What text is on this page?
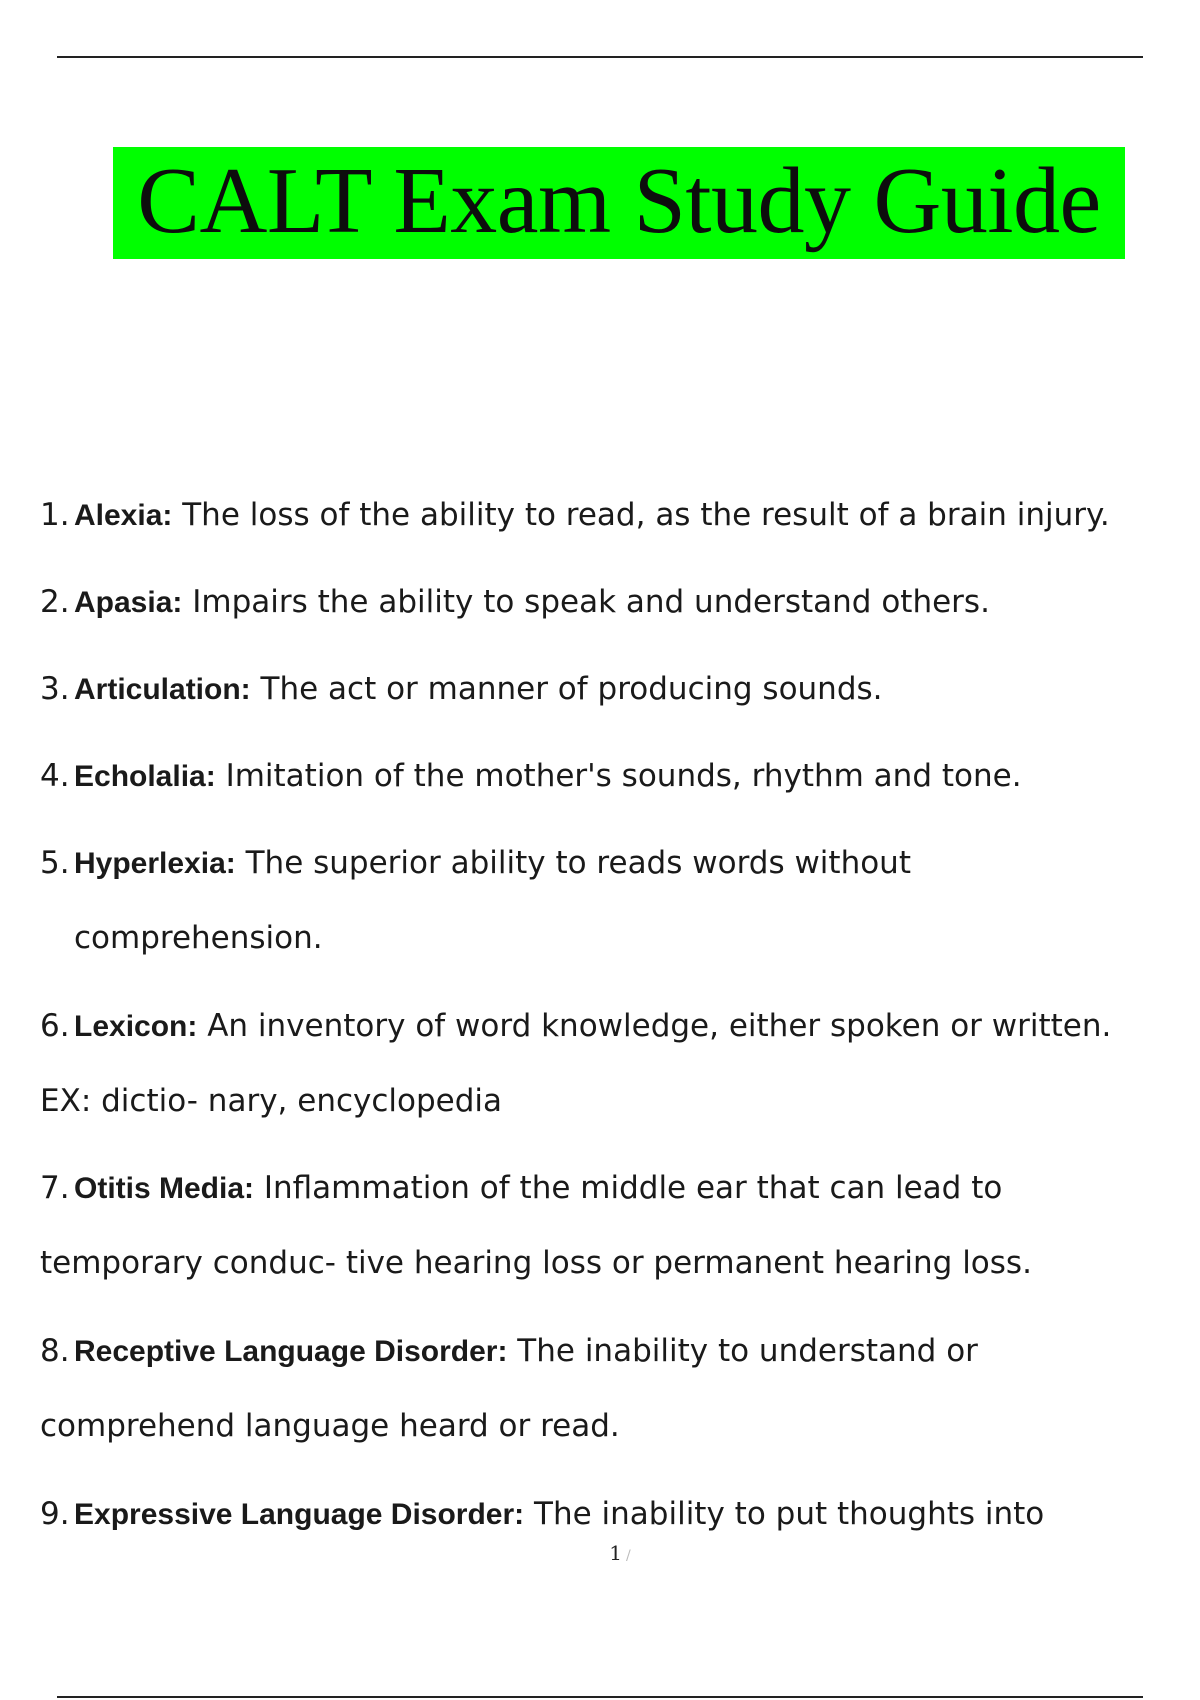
CALT Exam Study Guide
1. Alexia: The loss of the ability to read, as the result of a brain injury.
2. Apasia: Impairs the ability to speak and understand others.
3. Articulation: The act or manner of producing sounds.
4. Echolalia: Imitation of the mother's sounds, rhythm and tone.
5. Hyperlexia: The superior ability to reads words without
comprehension.
6. Lexicon: An inventory of word knowledge, either spoken or written.
EX: dictio- nary, encyclopedia
7. Otitis Media: Inflammation of the middle ear that can lead to
temporary conduc- tive hearing loss or permanent hearing loss.
8. Receptive Language Disorder: The inability to understand or
comprehend language heard or read.
9. Expressive Language Disorder: The inability to put thoughts into
1 /
